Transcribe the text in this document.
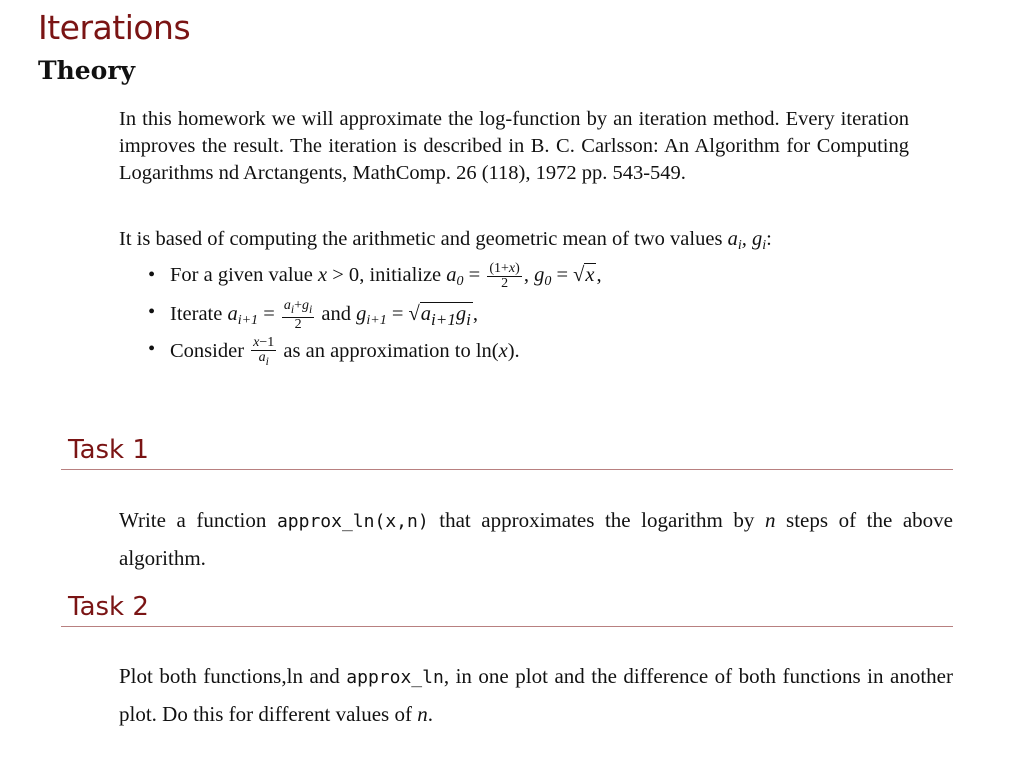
Iterations
Theory

In this homework we will approximate the log-function by an iteration method. Every iteration improves the result. The iteration is described in B. C. Carlsson: An Algorithm for Computing Logarithms nd Arctangents, MathComp. 26 (118), 1972 pp. 543-549.

It is based of computing the arithmetic and geometric mean of two values $a_i$, $g_i$:

• For a given value x > 0, initialize $a_0 = \frac{(1+x)}{2}$ , $g_0 = √x$,
• Iterate $a_{i+1} = \frac{a_i+g_i}{2}$ and $g_{i+1} = √a_{i+1}g_i$,
• Consider $\frac{x-1}{a_i}$ as an approximation to ln(x).
Task 1

Write a function approx_ln(x,n) that approximates the logarithm by n steps of the above algorithm.

Task 2

Plot both functions,ln and approx_ln, in one plot and the difference of both functions in another plot. Do this for different values of n.
